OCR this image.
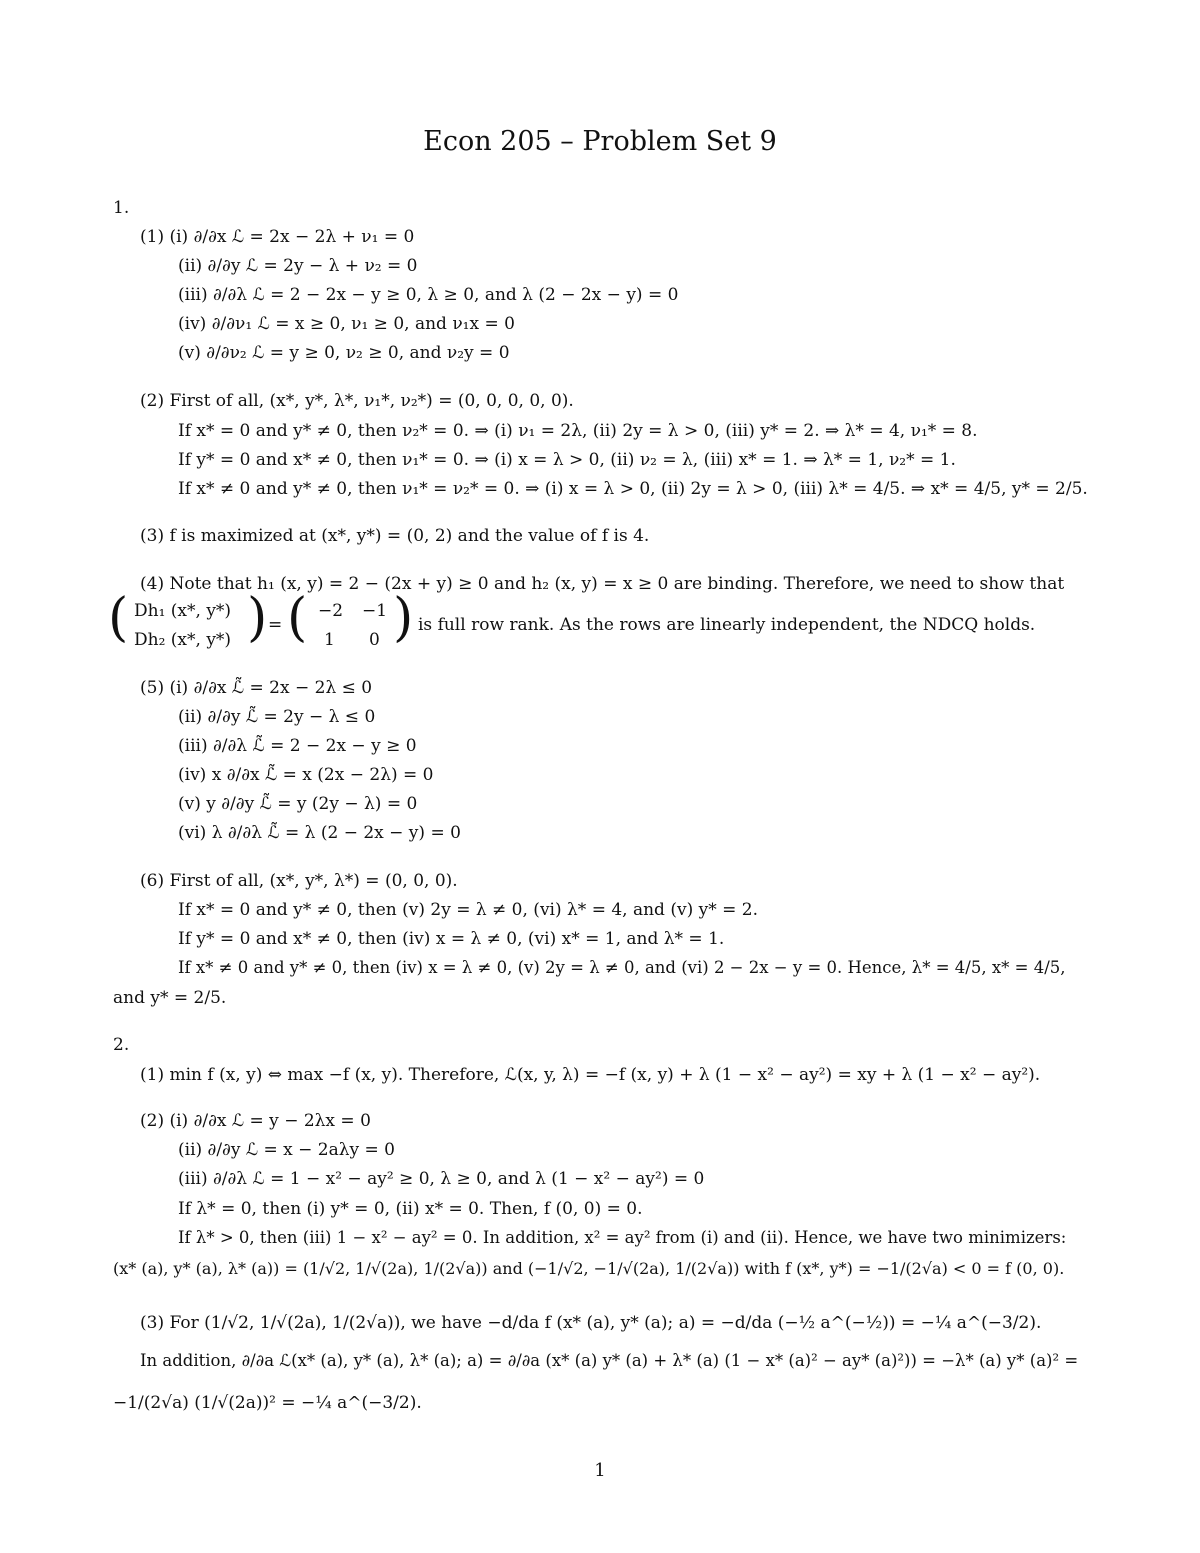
Econ 205 – Problem Set 9
1.
(1) (i) ∂/∂x ℒ = 2x − 2λ + ν₁ = 0
(ii) ∂/∂y ℒ = 2y − λ + ν₂ = 0
(iii) ∂/∂λ ℒ = 2 − 2x − y ≥ 0, λ ≥ 0, and λ (2 − 2x − y) = 0
(iv) ∂/∂ν₁ ℒ = x ≥ 0, ν₁ ≥ 0, and ν₁x = 0
(v) ∂/∂ν₂ ℒ = y ≥ 0, ν₂ ≥ 0, and ν₂y = 0
(2) First of all, (x*, y*, λ*, ν₁*, ν₂*) = (0, 0, 0, 0, 0).
If x* = 0 and y* ≠ 0, then ν₂* = 0. ⇒ (i) ν₁ = 2λ, (ii) 2y = λ > 0, (iii) y* = 2. ⇒ λ* = 4, ν₁* = 8.
If y* = 0 and x* ≠ 0, then ν₁* = 0. ⇒ (i) x = λ > 0, (ii) ν₂ = λ, (iii) x* = 1. ⇒ λ* = 1, ν₂* = 1.
If x* ≠ 0 and y* ≠ 0, then ν₁* = ν₂* = 0. ⇒ (i) x = λ > 0, (ii) 2y = λ > 0, (iii) λ* = 4/5. ⇒ x* = 4/5, y* = 2/5.
(3) f is maximized at (x*, y*) = (0, 2) and the value of f is 4.
(4) Note that h₁ (x, y) = 2 − (2x + y) ≥ 0 and h₂ (x, y) = x ≥ 0 are binding. Therefore, we need to show that
is full row rank. As the rows are linearly independent, the NDCQ holds.
(5) (i) ∂/∂x ℒ̃ = 2x − 2λ ≤ 0
(ii) ∂/∂y ℒ̃ = 2y − λ ≤ 0
(iii) ∂/∂λ ℒ̃ = 2 − 2x − y ≥ 0
(iv) x ∂/∂x ℒ̃ = x (2x − 2λ) = 0
(v) y ∂/∂y ℒ̃ = y (2y − λ) = 0
(vi) λ ∂/∂λ ℒ̃ = λ (2 − 2x − y) = 0
(6) First of all, (x*, y*, λ*) = (0, 0, 0).
If x* = 0 and y* ≠ 0, then (v) 2y = λ ≠ 0, (vi) λ* = 4, and (v) y* = 2.
If y* = 0 and x* ≠ 0, then (iv) x = λ ≠ 0, (vi) x* = 1, and λ* = 1.
If x* ≠ 0 and y* ≠ 0, then (iv) x = λ ≠ 0, (v) 2y = λ ≠ 0, and (vi) 2 − 2x − y = 0. Hence, λ* = 4/5, x* = 4/5,
and y* = 2/5.
2.
(1) min f (x, y) ⇔ max −f (x, y). Therefore, ℒ(x, y, λ) = −f (x, y) + λ (1 − x² − ay²) = xy + λ (1 − x² − ay²).
(2) (i) ∂/∂x ℒ = y − 2λx = 0
(ii) ∂/∂y ℒ = x − 2aλy = 0
(iii) ∂/∂λ ℒ = 1 − x² − ay² ≥ 0, λ ≥ 0, and λ (1 − x² − ay²) = 0
If λ* = 0, then (i) y* = 0, (ii) x* = 0. Then, f (0, 0) = 0.
If λ* > 0, then (iii) 1 − x² − ay² = 0. In addition, x² = ay² from (i) and (ii). Hence, we have two minimizers:
(x* (a), y* (a), λ* (a)) = (1/√2, 1/√(2a), 1/(2√a)) and (−1/√2, −1/√(2a), 1/(2√a)) with f (x*, y*) = −1/(2√a) < 0 = f (0, 0).
(3) For (1/√2, 1/√(2a), 1/(2√a)), we have −d/da f (x* (a), y* (a); a) = −d/da (−½ a^(−½)) = −¼ a^(−3/2).
In addition, ∂/∂a ℒ(x* (a), y* (a), λ* (a); a) = ∂/∂a (x* (a) y* (a) + λ* (a) (1 − x* (a)² − ay* (a)²)) = −λ* (a) y* (a)² =
−1/(2√a) (1/√(2a))² = −¼ a^(−3/2).
( Dh₁ (x*, y*)
Dh₂ (x*, y*) ) = ( −2 −1
1 0 )
1
